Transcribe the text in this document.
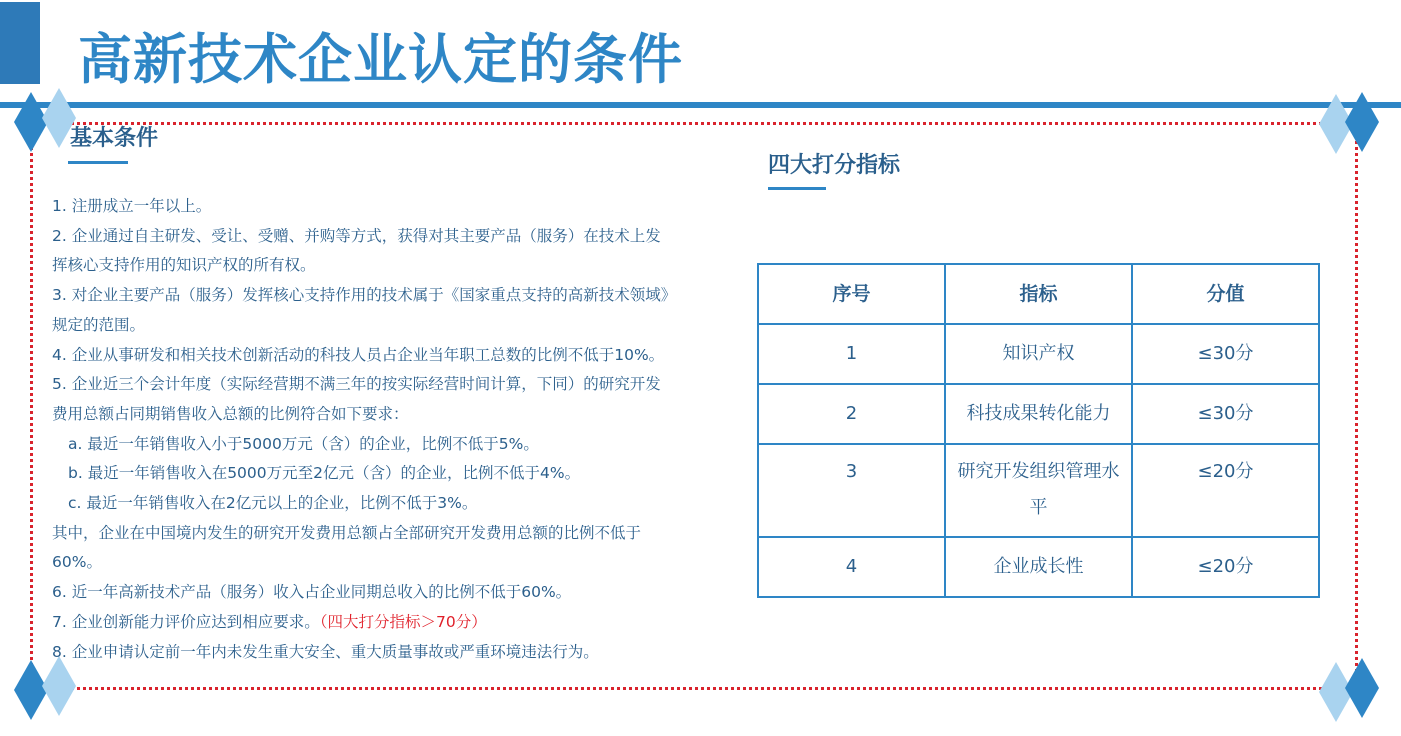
高新技术企业认定的条件
基本条件
1. 注册成立一年以上。
2. 企业通过自主研发、受让、受赠、并购等方式，获得对其主要产品（服务）在技术上发
挥核心支持作用的知识产权的所有权。
3. 对企业主要产品（服务）发挥核心支持作用的技术属于《国家重点支持的高新技术领域》
规定的范围。
4. 企业从事研发和相关技术创新活动的科技人员占企业当年职工总数的比例不低于10%。
5. 企业近三个会计年度（实际经营期不满三年的按实际经营时间计算，下同）的研究开发
费用总额占同期销售收入总额的比例符合如下要求：
a. 最近一年销售收入小于5000万元（含）的企业，比例不低于5%。
b. 最近一年销售收入在5000万元至2亿元（含）的企业，比例不低于4%。
c. 最近一年销售收入在2亿元以上的企业，比例不低于3%。
其中，企业在中国境内发生的研究开发费用总额占全部研究开发费用总额的比例不低于
60%。
6. 近一年高新技术产品（服务）收入占企业同期总收入的比例不低于60%。
7. 企业创新能力评价应达到相应要求。（四大打分指标＞70分）
8. 企业申请认定前一年内未发生重大安全、重大质量事故或严重环境违法行为。
四大打分指标
序号	指标	分值
1	知识产权	≤30分
2	科技成果转化能力	≤30分
3	研究开发组织管理水平	≤20分
4	企业成长性	≤20分
